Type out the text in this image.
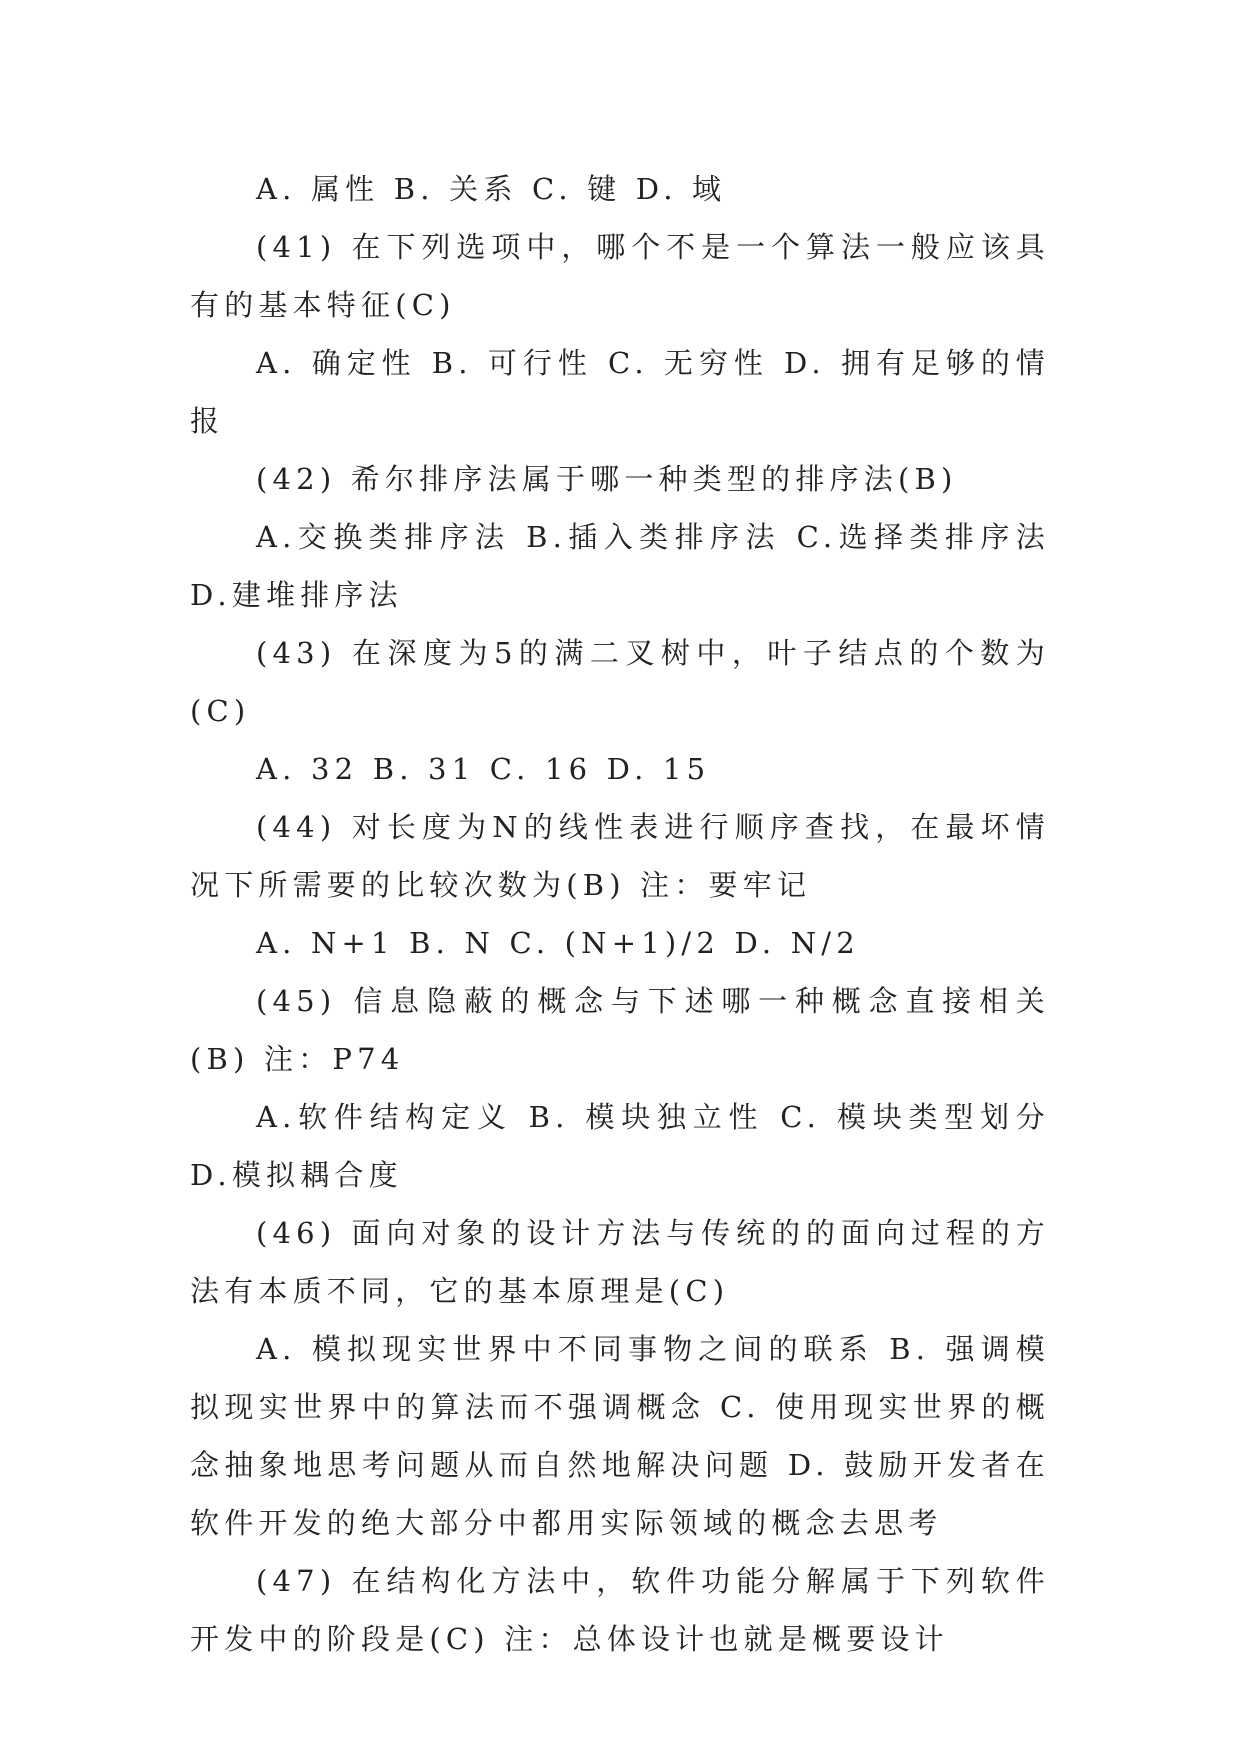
A. 属性 B. 关系 C. 键 D. 域

(41) 在下列选项中，哪个不是一个算法一般应该具有的基本特征(C)

A. 确定性 B. 可行性 C. 无穷性 D. 拥有足够的情报

(42) 希尔排序法属于哪一种类型的排序法(B)

A.交换类排序法 B.插入类排序法 C.选择类排序法 D.建堆排序法

(43) 在深度为5的满二叉树中，叶子结点的个数为(C)

A. 32 B. 31 C. 16 D. 15

(44) 对长度为N的线性表进行顺序查找，在最坏情况下所需要的比较次数为(B) 注：要牢记

A. N+1 B. N C. (N+1)/2 D. N/2

(45) 信息隐蔽的概念与下述哪一种概念直接相关(B) 注：P74

A.软件结构定义 B. 模块独立性 C. 模块类型划分 D.模拟耦合度

(46) 面向对象的设计方法与传统的的面向过程的方法有本质不同，它的基本原理是(C)

A. 模拟现实世界中不同事物之间的联系 B. 强调模拟现实世界中的算法而不强调概念 C. 使用现实世界的概念抽象地思考问题从而自然地解决问题 D. 鼓励开发者在软件开发的绝大部分中都用实际领域的概念去思考

(47) 在结构化方法中，软件功能分解属于下列软件开发中的阶段是(C) 注：总体设计也就是概要设计
